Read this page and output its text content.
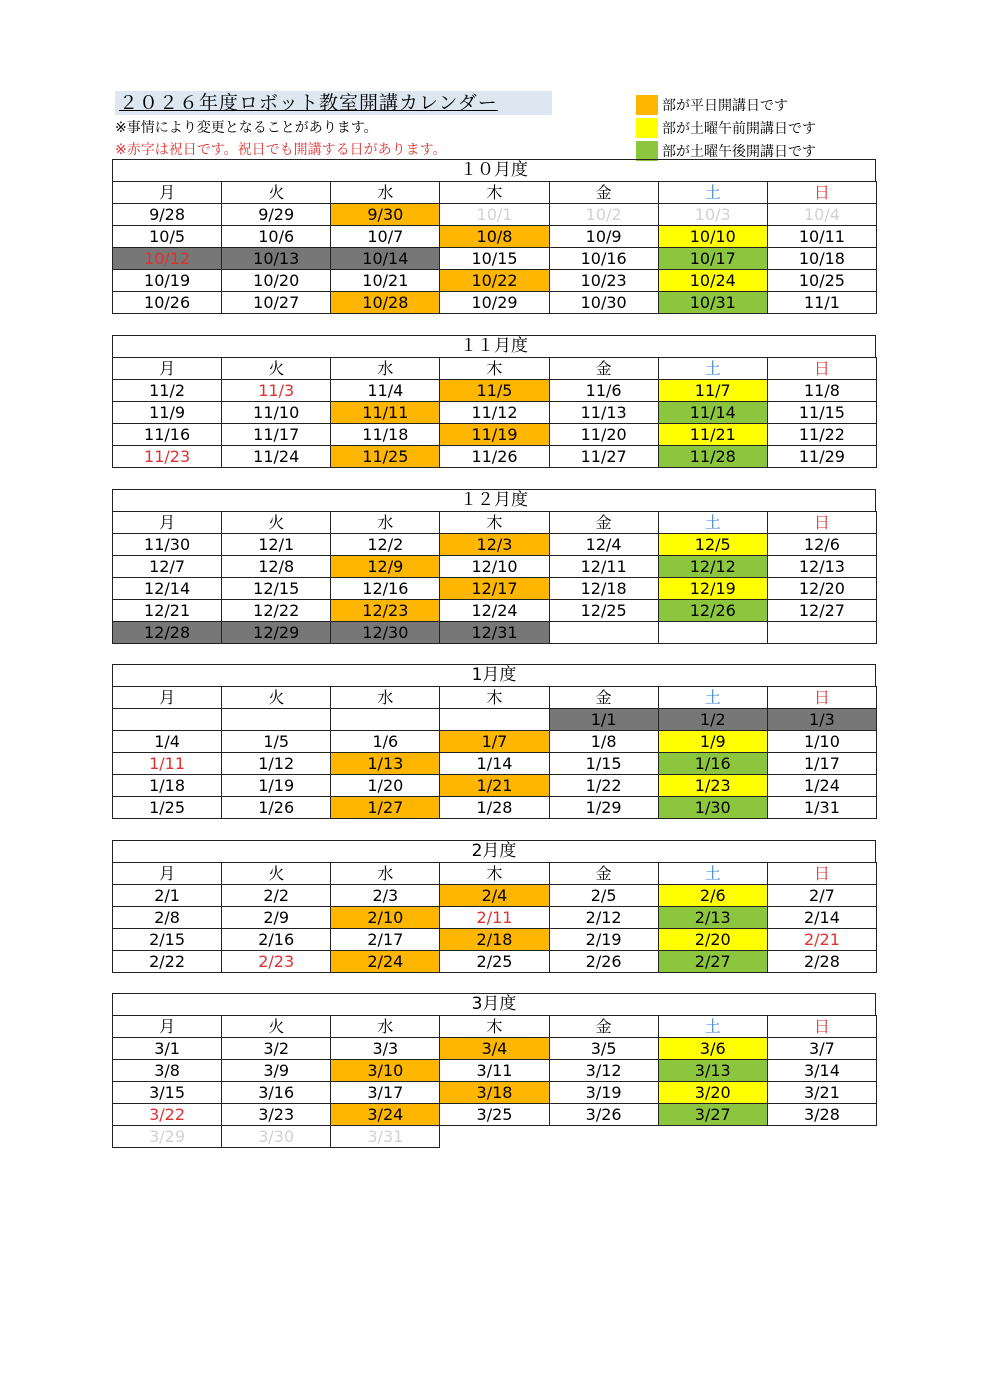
２０２６年度ロボット教室開講カレンダー
※事情により変更となることがあります。
※赤字は祝日です。祝日でも開講する日があります。
部が平日開講日です
部が土曜午前開講日です
部が土曜午後開講日です
１０月度
月	火	水	木	金	土	日
9/28	9/29	9/30	10/1	10/2	10/3	10/4
10/5	10/6	10/7	10/8	10/9	10/10	10/11
10/12	10/13	10/14	10/15	10/16	10/17	10/18
10/19	10/20	10/21	10/22	10/23	10/24	10/25
10/26	10/27	10/28	10/29	10/30	10/31	11/1
１１月度
月	火	水	木	金	土	日
11/2	11/3	11/4	11/5	11/6	11/7	11/8
11/9	11/10	11/11	11/12	11/13	11/14	11/15
11/16	11/17	11/18	11/19	11/20	11/21	11/22
11/23	11/24	11/25	11/26	11/27	11/28	11/29
１２月度
月	火	水	木	金	土	日
11/30	12/1	12/2	12/3	12/4	12/5	12/6
12/7	12/8	12/9	12/10	12/11	12/12	12/13
12/14	12/15	12/16	12/17	12/18	12/19	12/20
12/21	12/22	12/23	12/24	12/25	12/26	12/27
12/28	12/29	12/30	12/31			
1月度
月	火	水	木	金	土	日
				1/1	1/2	1/3
1/4	1/5	1/6	1/7	1/8	1/9	1/10
1/11	1/12	1/13	1/14	1/15	1/16	1/17
1/18	1/19	1/20	1/21	1/22	1/23	1/24
1/25	1/26	1/27	1/28	1/29	1/30	1/31
2月度
月	火	水	木	金	土	日
2/1	2/2	2/3	2/4	2/5	2/6	2/7
2/8	2/9	2/10	2/11	2/12	2/13	2/14
2/15	2/16	2/17	2/18	2/19	2/20	2/21
2/22	2/23	2/24	2/25	2/26	2/27	2/28
3月度
月	火	水	木	金	土	日
3/1	3/2	3/3	3/4	3/5	3/6	3/7
3/8	3/9	3/10	3/11	3/12	3/13	3/14
3/15	3/16	3/17	3/18	3/19	3/20	3/21
3/22	3/23	3/24	3/25	3/26	3/27	3/28
3/29	3/30	3/31				
